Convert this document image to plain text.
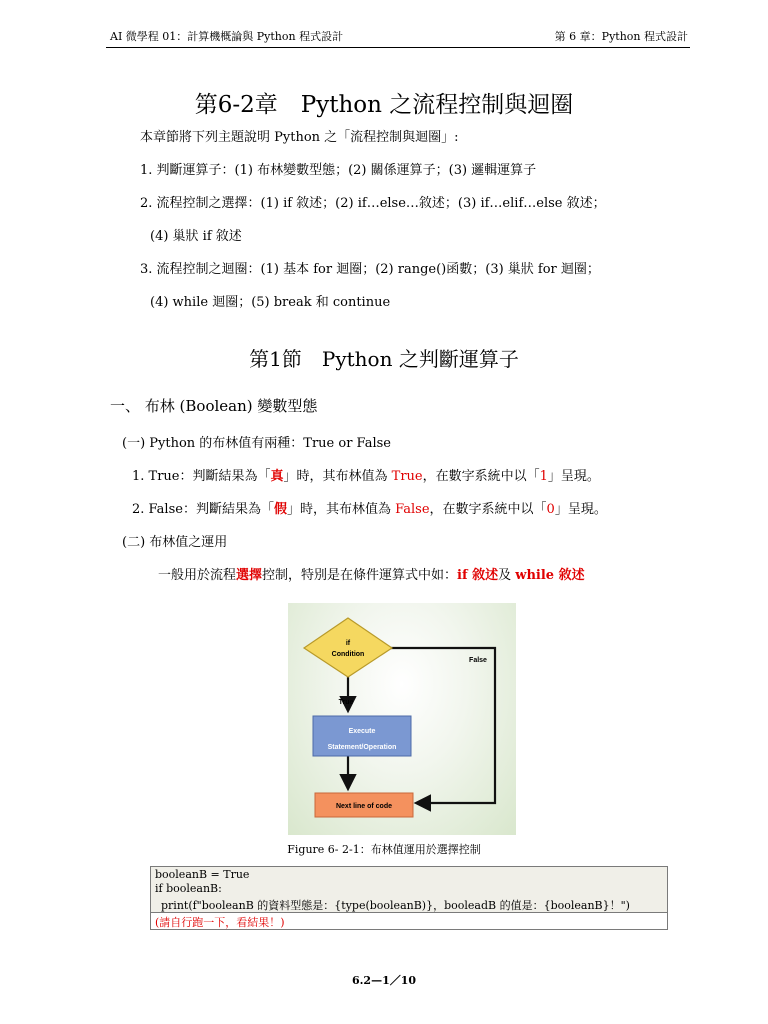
AI 微學程 01：計算機概論與 Python 程式設計	第 6 章：Python 程式設計
第6-2章　Python 之流程控制與迴圈
本章節將下列主題說明 Python 之「流程控制與迴圈」:
1. 判斷運算子：(1) 布林變數型態；(2) 關係運算子；(3) 邏輯運算子
2. 流程控制之選擇：(1) if 敘述；(2) if…else…敘述；(3) if…elif…else 敘述；
(4) 巢狀 if 敘述
3. 流程控制之迴圈：(1) 基本 for 迴圈；(2) range()函數；(3) 巢狀 for 迴圈；
(4) while 迴圈；(5) break 和 continue
第1節　Python 之判斷運算子
一、 布林 (Boolean) 變數型態
(一) Python 的布林值有兩種：True or False
1. True：判斷結果為「真」時，其布林值為 True，在數字系統中以「1」呈現。
2. False：判斷結果為「假」時，其布林值為 False，在數字系統中以「0」呈現。
(二) 布林值之運用
一般用於流程選擇控制，特別是在條件運算式中如：if 敘述及 while 敘述
if
Condition
False
True
Execute
Statement/Operation
Next line of code
Figure 6- 2-1：布林值運用於選擇控制
booleanB = True
if booleanB:
print(f"booleanB 的資料型態是：{type(booleanB)}，booleadB 的值是：{booleanB}！")
(請自行跑一下，看結果！)
6.2—1／10
